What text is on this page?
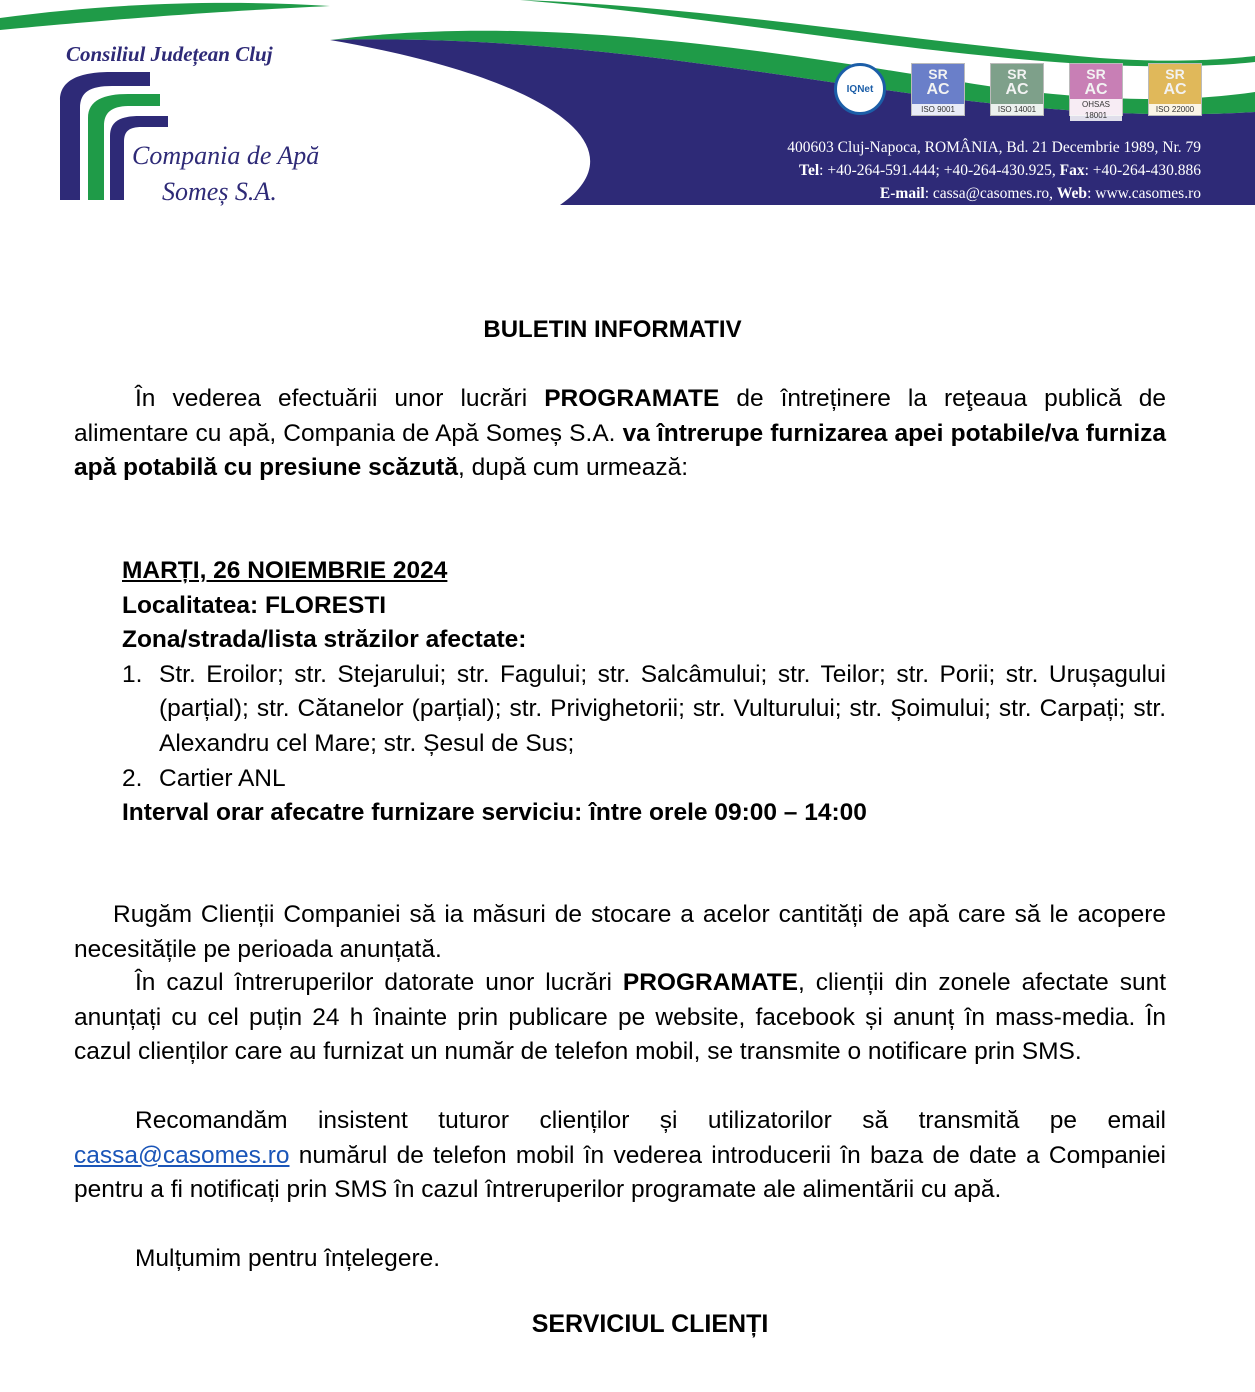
Consiliul Județean Cluj
Compania de Apă
Someș S.A.
IQNet
SR
AC
ISO 9001
SR
AC
ISO 14001
SR
AC
OHSAS 18001
SR
AC
ISO 22000
400603 Cluj-Napoca, ROMÂNIA, Bd. 21 Decembrie 1989, Nr. 79
Tel: +40-264-591.444; +40-264-430.925, Fax: +40-264-430.886
E-mail: cassa@casomes.ro, Web: www.casomes.ro
BULETIN INFORMATIV

În vederea efectuării unor lucrări PROGRAMATE de întreținere la reţeaua publică de alimentare cu apă, Compania de Apă Someș S.A. va întrerupe furnizarea apei potabile/va furniza apă potabilă cu presiune scăzută, după cum urmează:

MARȚI, 26 NOIEMBRIE 2024
Localitatea: FLORESTI
Zona/strada/lista străzilor afectate:
1. Str. Eroilor; str. Stejarului; str. Fagului; str. Salcâmului; str. Teilor; str. Porii; str. Urușagului (parțial); str. Cătanelor (parțial); str. Privighetorii; str. Vulturului; str. Șoimului; str. Carpați; str. Alexandru cel Mare; str. Șesul de Sus;
2. Cartier ANL
Interval orar afecatre furnizare serviciu: între orele 09:00 – 14:00

Rugăm Clienții Companiei să ia măsuri de stocare a acelor cantități de apă care să le acopere necesitățile pe perioada anunțată.

În cazul întreruperilor datorate unor lucrări PROGRAMATE, clienții din zonele afectate sunt anunțați cu cel puțin 24 h înainte prin publicare pe website, facebook și anunț în mass-media. În cazul clienților care au furnizat un număr de telefon mobil, se transmite o notificare prin SMS.

Recomandăm insistent tuturor clienților și utilizatorilor să transmită pe email cassa@casomes.ro numărul de telefon mobil în vederea introducerii în baza de date a Companiei pentru a fi notificați prin SMS în cazul întreruperilor programate ale alimentării cu apă.

Mulțumim pentru înțelegere.

SERVICIUL CLIENȚI
